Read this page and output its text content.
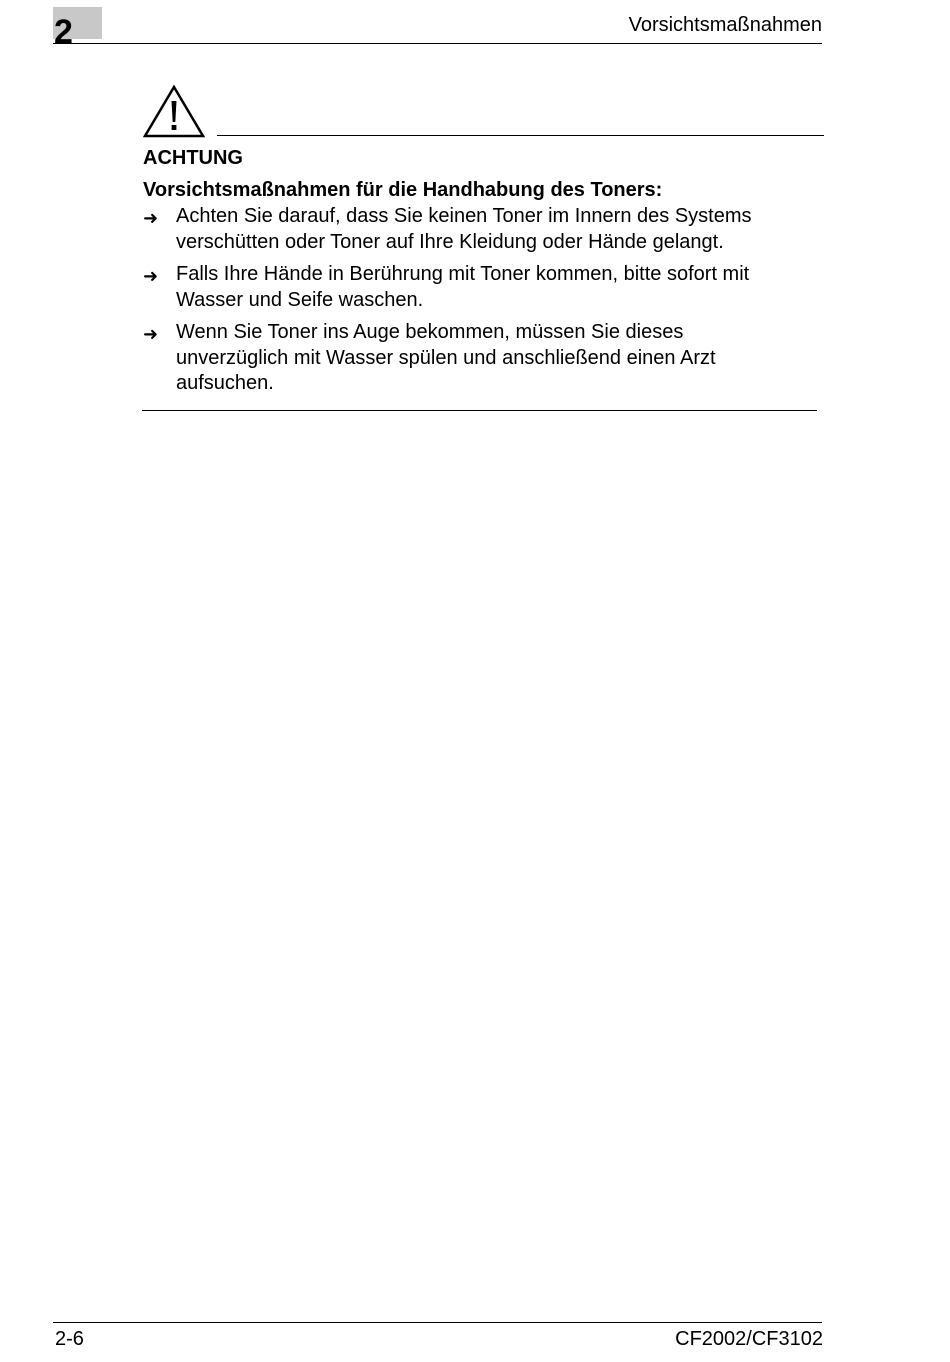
2	Vorsichtsmaßnahmen
ACHTUNG
Vorsichtsmaßnahmen für die Handhabung des Toners:
➜ Achten Sie darauf, dass Sie keinen Toner im Innern des Systems
verschütten oder Toner auf Ihre Kleidung oder Hände gelangt.
➜ Falls Ihre Hände in Berührung mit Toner kommen, bitte sofort mit
Wasser und Seife waschen.
➜ Wenn Sie Toner ins Auge bekommen, müssen Sie dieses
unverzüglich mit Wasser spülen und anschließend einen Arzt
aufsuchen.
2-6	CF2002/CF3102
